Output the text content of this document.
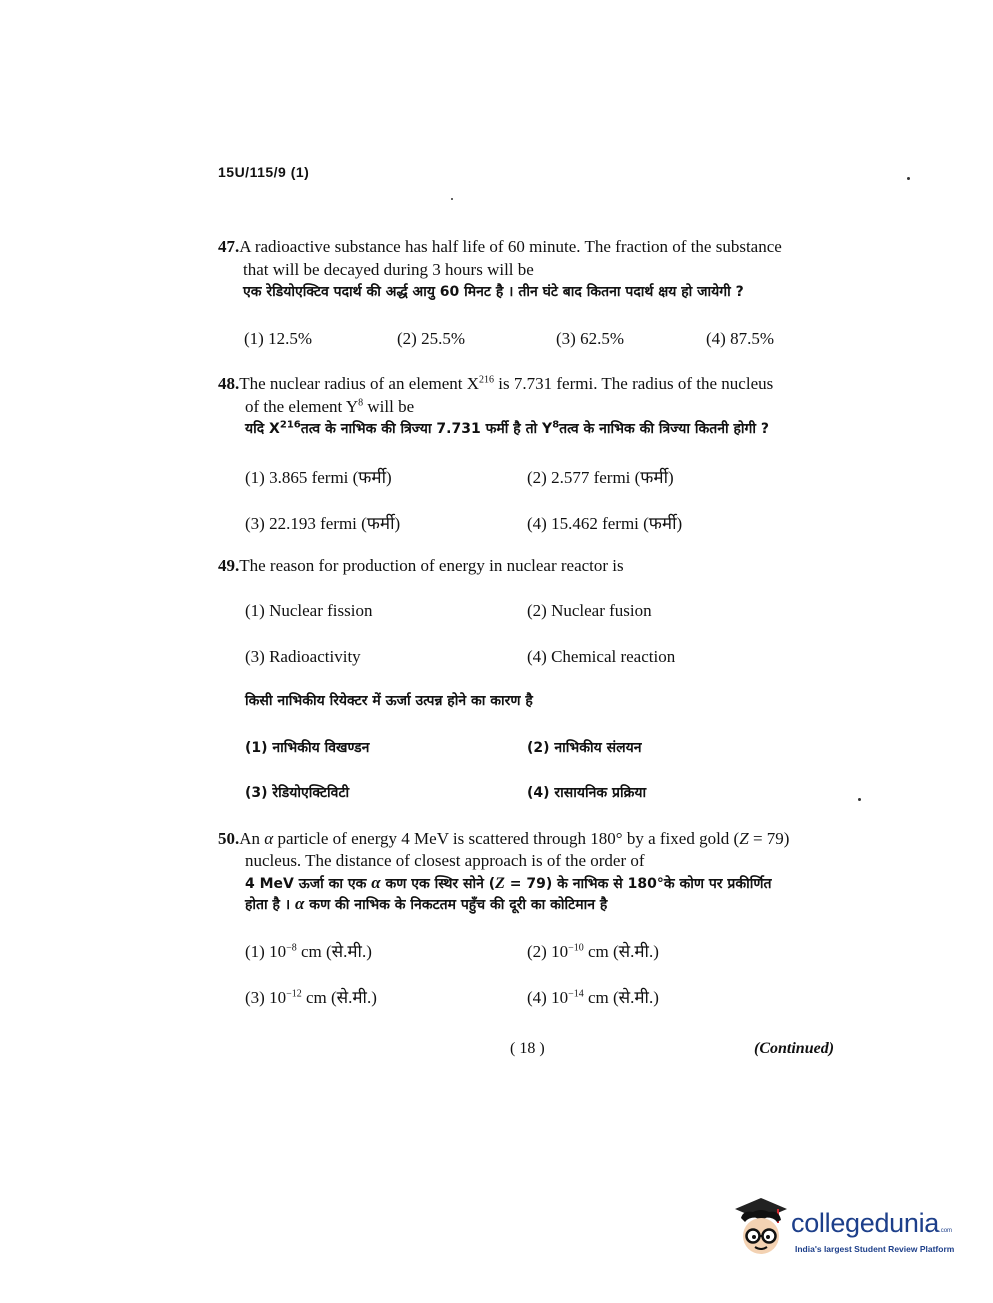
15U/115/9 (1)
47.A radioactive substance has half life of 60 minute. The fraction of the substance
that will be decayed during 3 hours will be
एक रेडियोएक्टिव पदार्थ की अर्द्ध आयु 60 मिनट है । तीन घंटे बाद कितना पदार्थ क्षय हो जायेगी ?
(1) 12.5%	(2) 25.5%	(3) 62.5%	(4) 87.5%
48.The nuclear radius of an element $X^{216}$ is 7.731 fermi. The radius of the nucleus
of the element $Y^8$ will be
यदि $X^{216}तत्व$ के नाभिक की त्रिज्या 7.731 फर्मी है तो $Y^8तत्व$ के नाभिक की त्रिज्या कितनी होगी ?
(1) 3.865 fermi (फर्मी)	(2) 2.577 fermi (फर्मी)
(3) 22.193 fermi (फर्मी)	(4) 15.462 fermi (फर्मी)
49.The reason for production of energy in nuclear reactor is
(1) Nuclear fission	(2) Nuclear fusion
(3) Radioactivity	(4) Chemical reaction
किसी नाभिकीय रियेक्टर में ऊर्जा उत्पन्न होने का कारण है
(1) नाभिकीय विखण्डन	(2) नाभिकीय संलयन
(3) रेडियोएक्टिविटी	(4) रासायनिक प्रक्रिया
50.An α particle of energy 4 MeV is scattered through 180° by a fixed gold (Z = 79)
nucleus. The distance of closest approach is of the order of
4 MeV ऊर्जा का एक α कण एक स्थिर सोने (Z = 79) के नाभिक से 180°के कोण पर प्रकीर्णित
होता है । α कण की नाभिक के निकटतम पहुँच की दूरी का कोटिमान है
(1) $10^{-8}$ cm (से.मी.)	(2) $10^{-10}$ cm (से.मी.)
(3) $10^{-12}$ cm (से.मी.)	(4) $10^{-14}$ cm (से.मी.)
( 18 )	(Continued)
collegedunia.com
India's largest Student Review Platform
